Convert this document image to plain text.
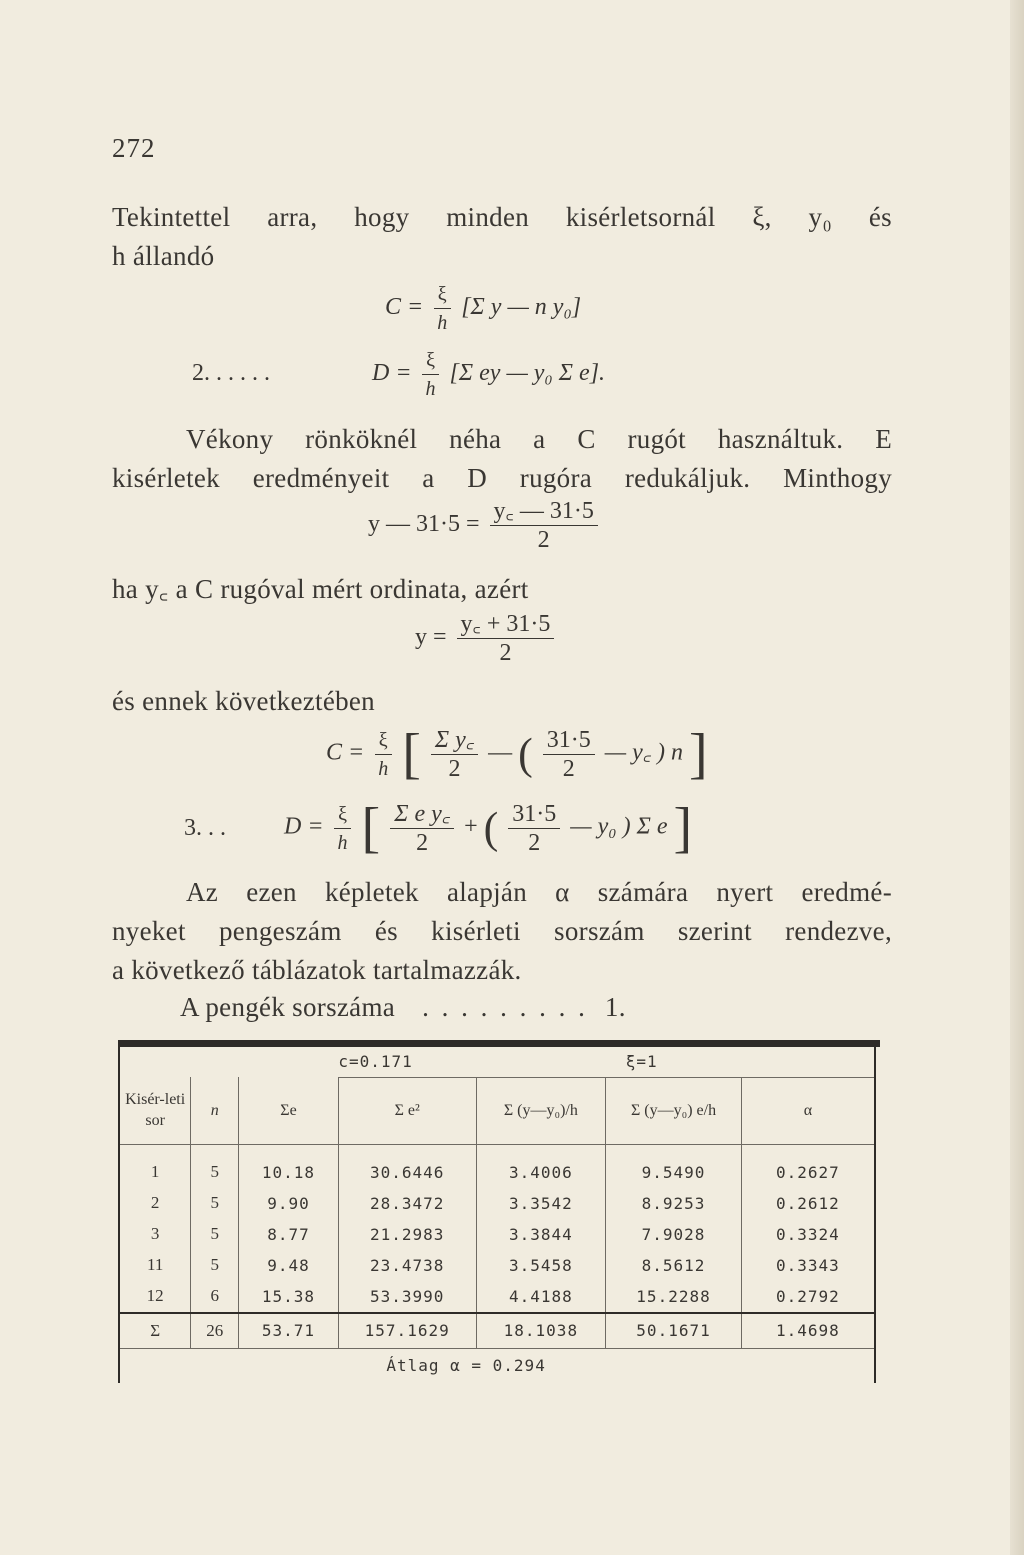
272
Tekintettel arra, hogy minden kisérletsornál ξ, y₀ és
h állandó
$C = \frac{\xi}{h} [\Sigma$ y — n y₀]
2. . . . . .	$D = \frac{\xi}{h} [\Sigma$ ey — y₀ Σ e].
Vékony rönköknél néha a C rugót használtuk. E
kisérletek eredményeit a D rugóra redukáljuk. Minthogy
y — $31\cdot 5 = \frac{y꜀ — 31\cdot 5}{2}$
ha y꜀ a C rugóval mért ordinata, azért
$y = \frac{y꜀ + 31\cdot 5}{2}$
és ennek következtében
$C = \frac{\xi}{h}$ [ $\frac{\text{Σ y꜀}}{2}$ — ( $\frac{31\cdot 5}{2}$ — y꜀ ) n ]
3. . . $D = \frac{\xi}{h}$ [ $\frac{\text{Σ e y꜀}}{2}$ + ( $\frac{31\cdot 5}{2}$ — y₀ ) Σ e ]
Az ezen képletek alapján α számára nyert eredmé-
nyeket pengeszám és kisérleti sorszám szerint rendezve,
a következő táblázatok tartalmazzák.
A pengék sorszáma . . . . . . . . . 1.
			c=0.171		ξ=1	
Kisér-leti sor	n	Σe	Σ e²	Σ (y—y₀)/h	Σ (y—y₀) e/h	α
1	5	10.18	30.6446	3.4006	9.5490	0.2627
2	5	9.90	28.3472	3.3542	8.9253	0.2612
3	5	8.77	21.2983	3.3844	7.9028	0.3324
11	5	9.48	23.4738	3.5458	8.5612	0.3343
12	6	15.38	53.3990	4.4188	15.2288	0.2792
Σ	26	53.71	157.1629	18.1038	50.1671	1.4698
	Átlag α = 0.294					
